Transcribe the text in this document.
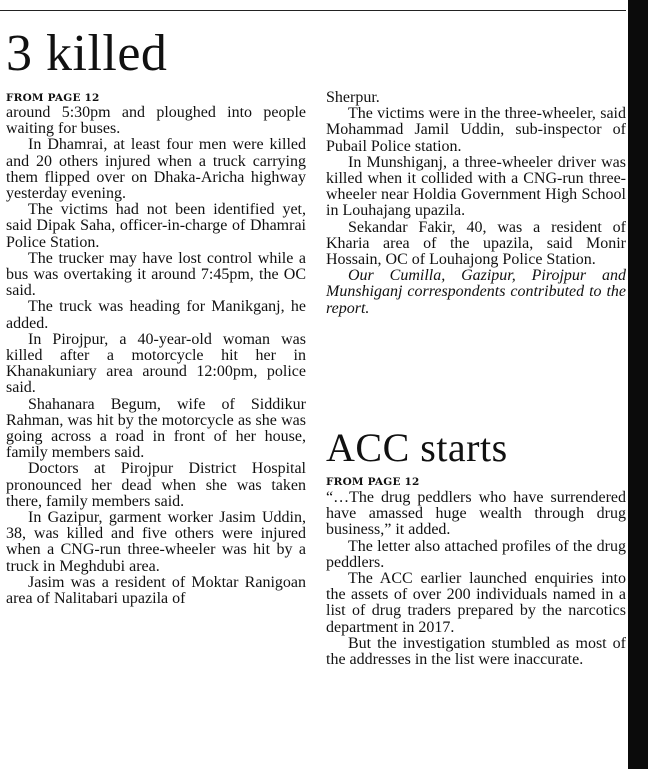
3 killed
FROM PAGE 12

around 5:30pm and ploughed into people waiting for buses.

In Dhamrai, at least four men were killed and 20 others injured when a truck carrying them flipped over on Dhaka-Aricha highway yesterday evening.

The victims had not been identified yet, said Dipak Saha, officer-in-charge of Dhamrai Police Station.

The trucker may have lost control while a bus was overtaking it around 7:45pm, the OC said.

The truck was heading for Manikganj, he added.

In Pirojpur, a 40-year-old woman was killed after a motorcycle hit her in Khanakuniary area around 12:00pm, police said.

Shahanara Begum, wife of Siddikur Rahman, was hit by the motorcycle as she was going across a road in front of her house, family members said.

Doctors at Pirojpur District Hospital pronounced her dead when she was taken there, family members said.

In Gazipur, garment worker Jasim Uddin, 38, was killed and five others were injured when a CNG-run three-wheeler was hit by a truck in Meghdubi area.

Jasim was a resident of Moktar Ranigoan area of Nalitabari upazila of

Sherpur.

The victims were in the three-wheeler, said Mohammad Jamil Uddin, sub-inspector of Pubail Police station.

In Munshiganj, a three-wheeler driver was killed when it collided with a CNG-run three-wheeler near Holdia Government High School in Louhajang upazila.

Sekandar Fakir, 40, was a resident of Kharia area of the upazila, said Monir Hossain, OC of Louhajong Police Station.

Our Cumilla, Gazipur, Pirojpur and Munshiganj correspondents contributed to the report.

ACC starts
FROM PAGE 12

“…The drug peddlers who have surrendered have amassed huge wealth through drug business,” it added.

The letter also attached profiles of the drug peddlers.

The ACC earlier launched enquiries into the assets of over 200 individuals named in a list of drug traders prepared by the narcotics department in 2017.

But the investigation stumbled as most of the addresses in the list were inaccurate.
